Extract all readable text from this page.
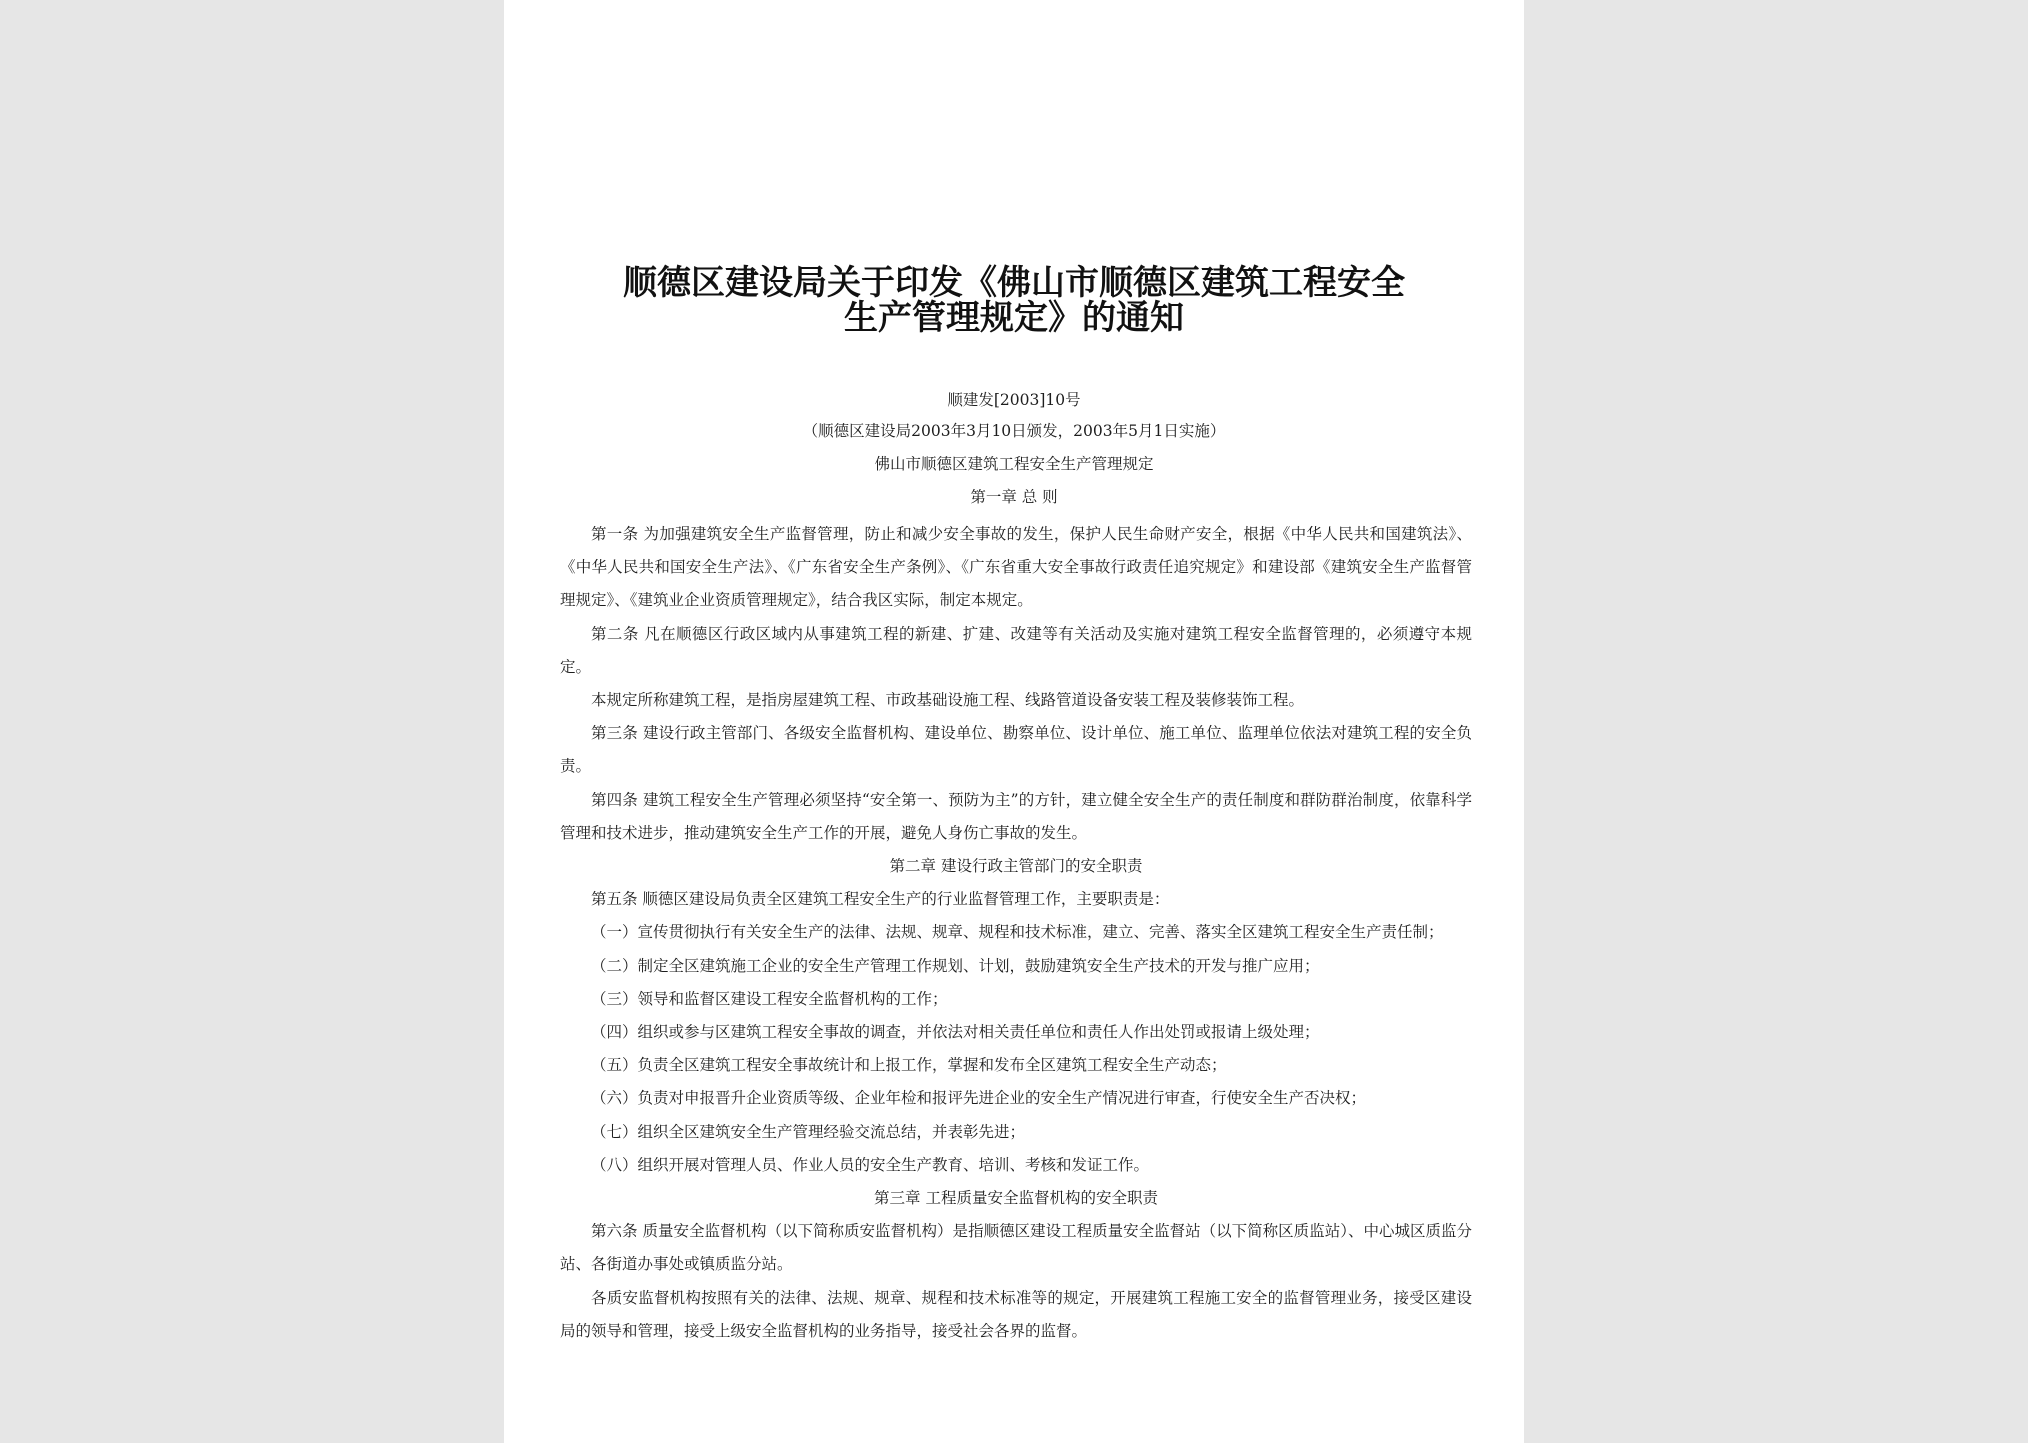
顺德区建设局关于印发《佛山市顺德区建筑工程安全
生产管理规定》的通知
顺建发[2003]10号
（顺德区建设局2003年3月10日颁发，2003年5月1日实施）
佛山市顺德区建筑工程安全生产管理规定
第一章 总 则

第一条 为加强建筑安全生产监督管理，防止和减少安全事故的发生，保护人民生命财产安全，根据《中华人民共和国建筑法》、《中华人民共和国安全生产法》、《广东省安全生产条例》、《广东省重大安全事故行政责任追究规定》和建设部《建筑安全生产监督管理规定》、《建筑业企业资质管理规定》，结合我区实际，制定本规定。

第二条 凡在顺德区行政区域内从事建筑工程的新建、扩建、改建等有关活动及实施对建筑工程安全监督管理的，必须遵守本规定。

本规定所称建筑工程，是指房屋建筑工程、市政基础设施工程、线路管道设备安装工程及装修装饰工程。

第三条 建设行政主管部门、各级安全监督机构、建设单位、勘察单位、设计单位、施工单位、监理单位依法对建筑工程的安全负责。

第四条 建筑工程安全生产管理必须坚持“安全第一、预防为主”的方针，建立健全安全生产的责任制度和群防群治制度，依靠科学管理和技术进步，推动建筑安全生产工作的开展，避免人身伤亡事故的发生。

第二章 建设行政主管部门的安全职责

第五条 顺德区建设局负责全区建筑工程安全生产的行业监督管理工作，主要职责是：

（一）宣传贯彻执行有关安全生产的法律、法规、规章、规程和技术标准，建立、完善、落实全区建筑工程安全生产责任制；

（二）制定全区建筑施工企业的安全生产管理工作规划、计划，鼓励建筑安全生产技术的开发与推广应用；

（三）领导和监督区建设工程安全监督机构的工作；

（四）组织或参与区建筑工程安全事故的调查，并依法对相关责任单位和责任人作出处罚或报请上级处理；

（五）负责全区建筑工程安全事故统计和上报工作，掌握和发布全区建筑工程安全生产动态；

（六）负责对申报晋升企业资质等级、企业年检和报评先进企业的安全生产情况进行审查，行使安全生产否决权；

（七）组织全区建筑安全生产管理经验交流总结，并表彰先进；

（八）组织开展对管理人员、作业人员的安全生产教育、培训、考核和发证工作。

第三章 工程质量安全监督机构的安全职责

第六条 质量安全监督机构（以下简称质安监督机构）是指顺德区建设工程质量安全监督站（以下简称区质监站）、中心城区质监分站、各街道办事处或镇质监分站。

各质安监督机构按照有关的法律、法规、规章、规程和技术标准等的规定，开展建筑工程施工安全的监督管理业务，接受区建设局的领导和管理，接受上级安全监督机构的业务指导，接受社会各界的监督。
